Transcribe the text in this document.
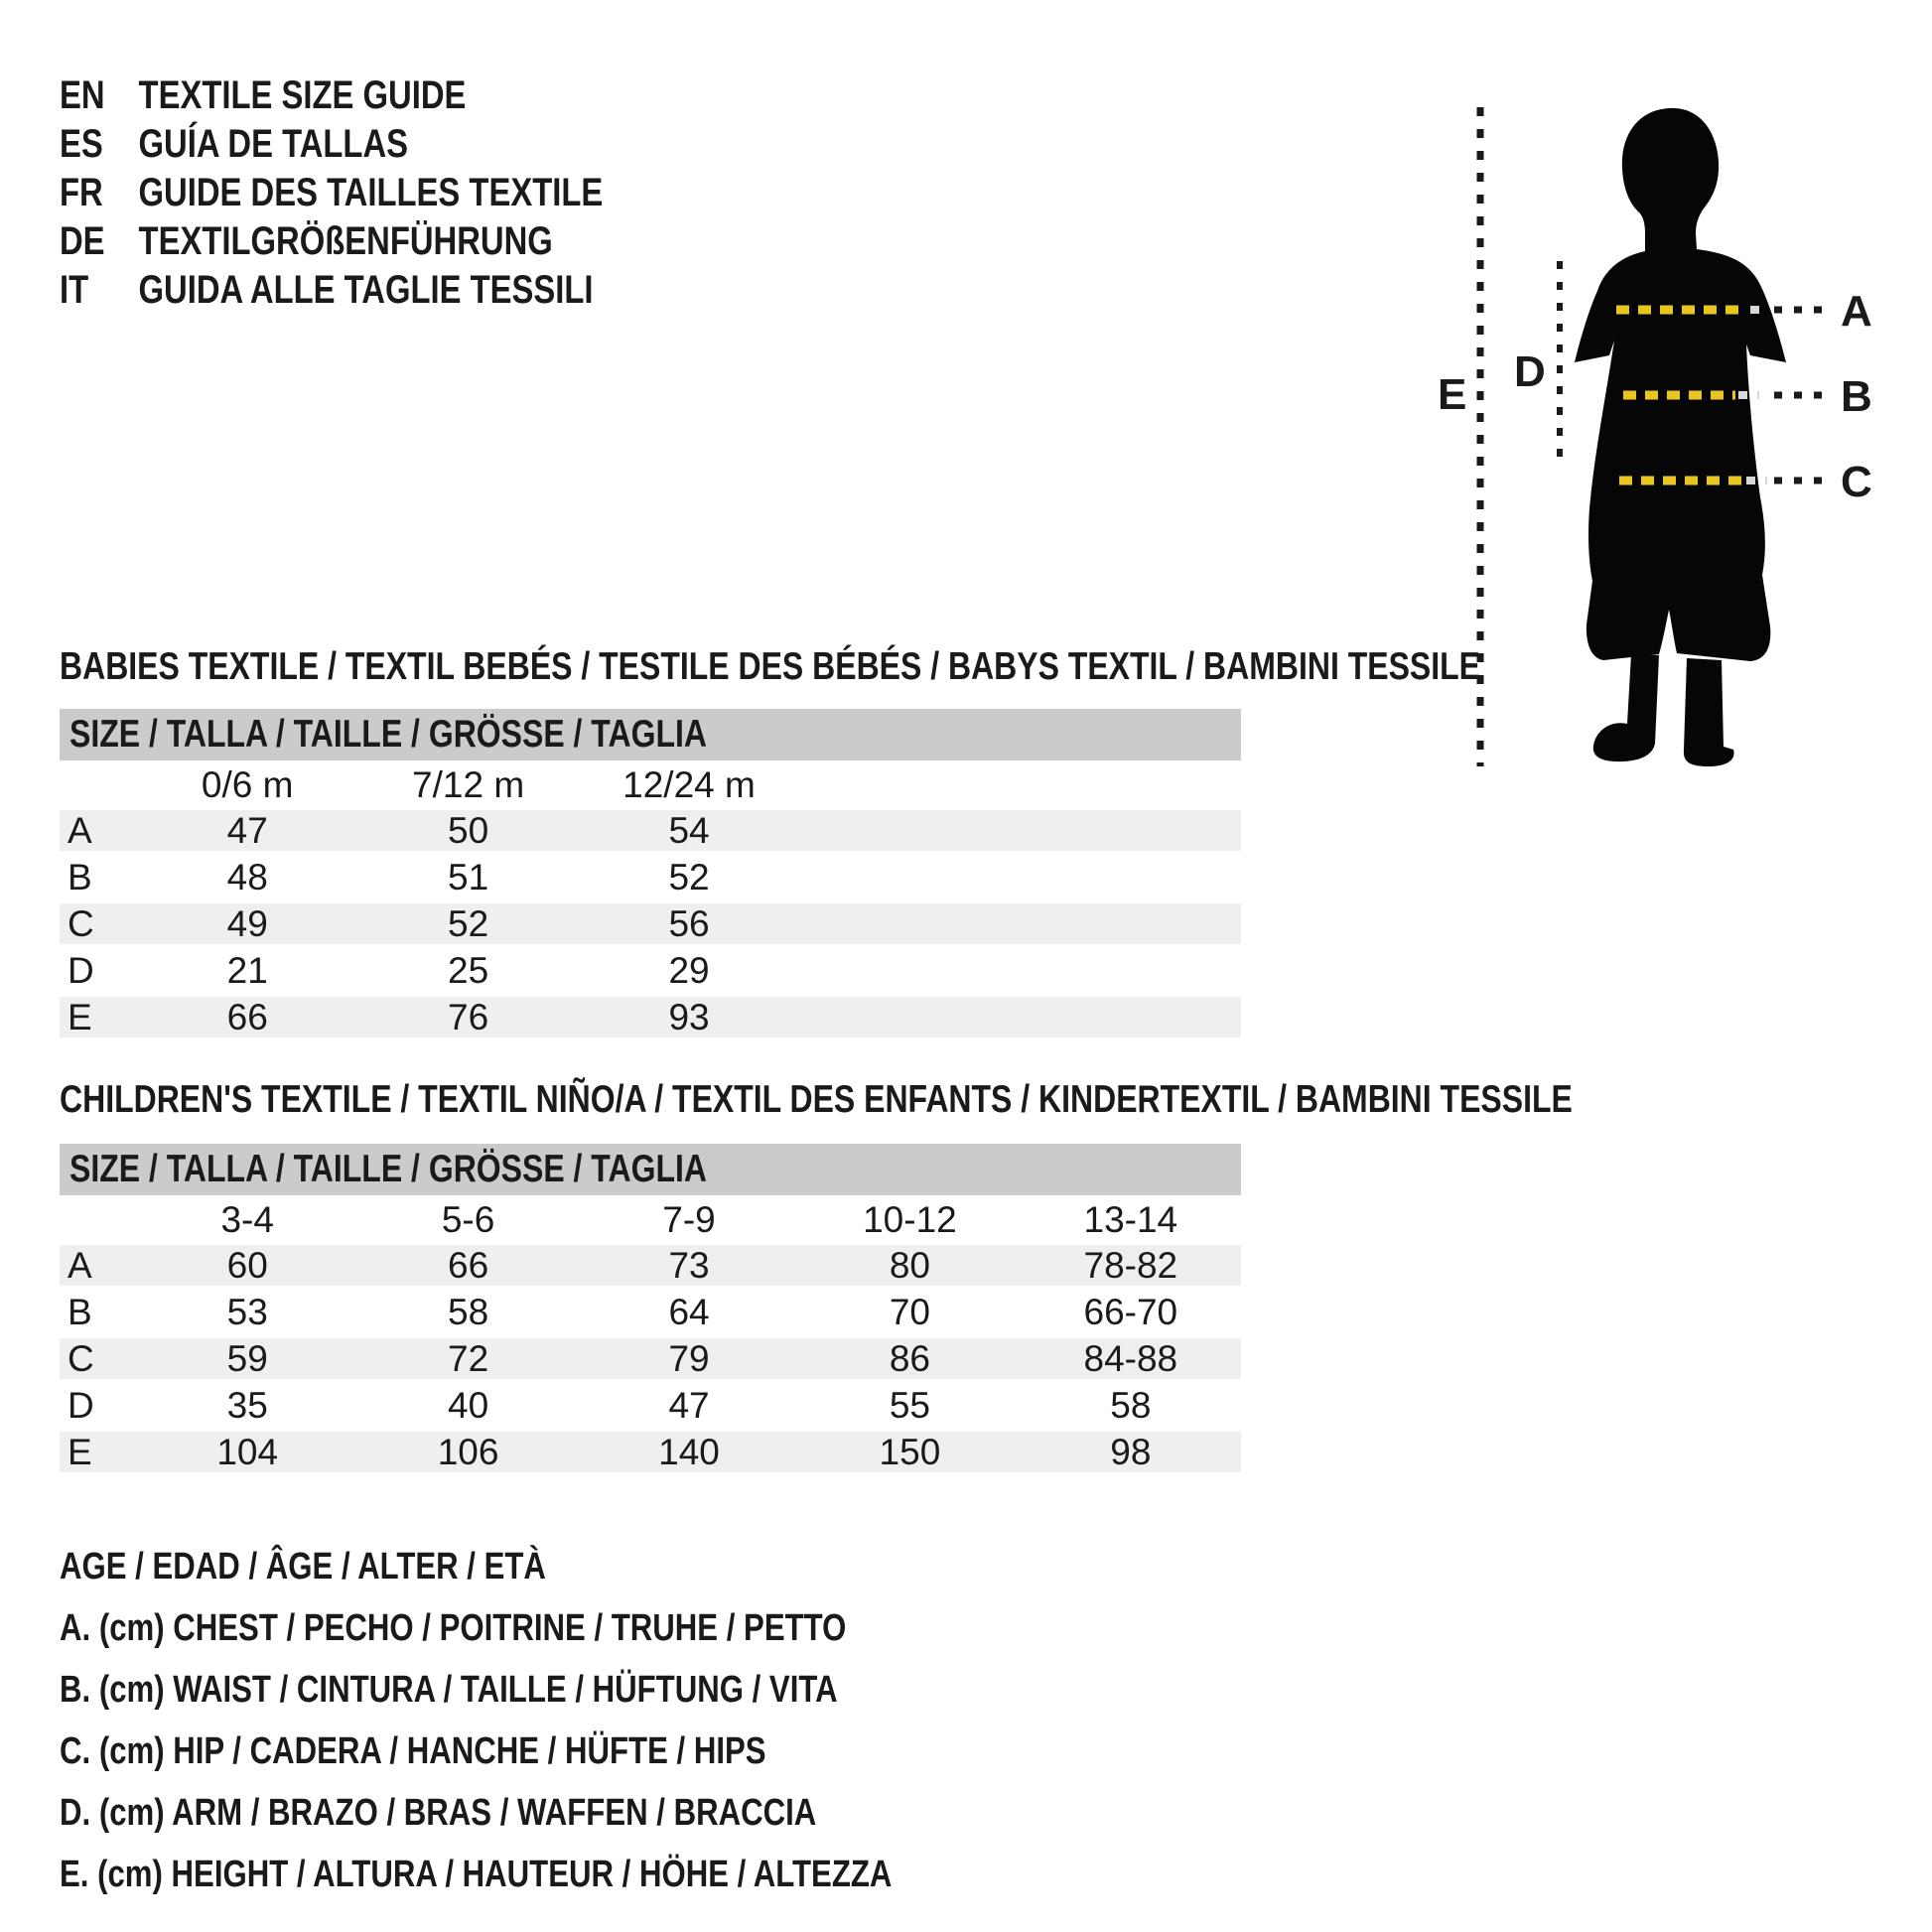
EN TEXTILE SIZE GUIDE
ES GUÍA DE TALLAS
FR GUIDE DES TAILLES TEXTILE
DE TEXTILGRÖßENFÜHRUNG
IT	GUIDA ALLE TAGLIE TESSILI
E D
A
B
C
BABIES TEXTILE / TEXTIL BEBÉS / TESTILE DES BÉBÉS / BABYS TEXTIL / BAMBINI TESSILE
SIZE / TALLA / TAILLE / GRÖSSE / TAGLIA
0/6 m	7/12 m	12/24 m
A	47	50	54
B	48	51	52
C	49	52	56
D	21	25	29
E	66	76	93
CHILDREN'S TEXTILE / TEXTIL NIÑO/A / TEXTIL DES ENFANTS / KINDERTEXTIL / BAMBINI TESSILE
SIZE / TALLA / TAILLE / GRÖSSE / TAGLIA
3-4	5-6	7-9	10-12	13-14
A	60	66	73	80	78-82
B	53	58	64	70	66-70
C	59	72	79	86	84-88
D	35	40	47	55	58
E	104	106	140	150	98
AGE / EDAD / ÂGE / ALTER / ETÀ
A. (cm) CHEST / PECHO / POITRINE / TRUHE / PETTO
B. (cm) WAIST / CINTURA / TAILLE / HÜFTUNG / VITA
C. (cm) HIP / CADERA / HANCHE / HÜFTE / HIPS
D. (cm) ARM / BRAZO / BRAS / WAFFEN / BRACCIA
E. (cm) HEIGHT / ALTURA / HAUTEUR / HÖHE / ALTEZZA
